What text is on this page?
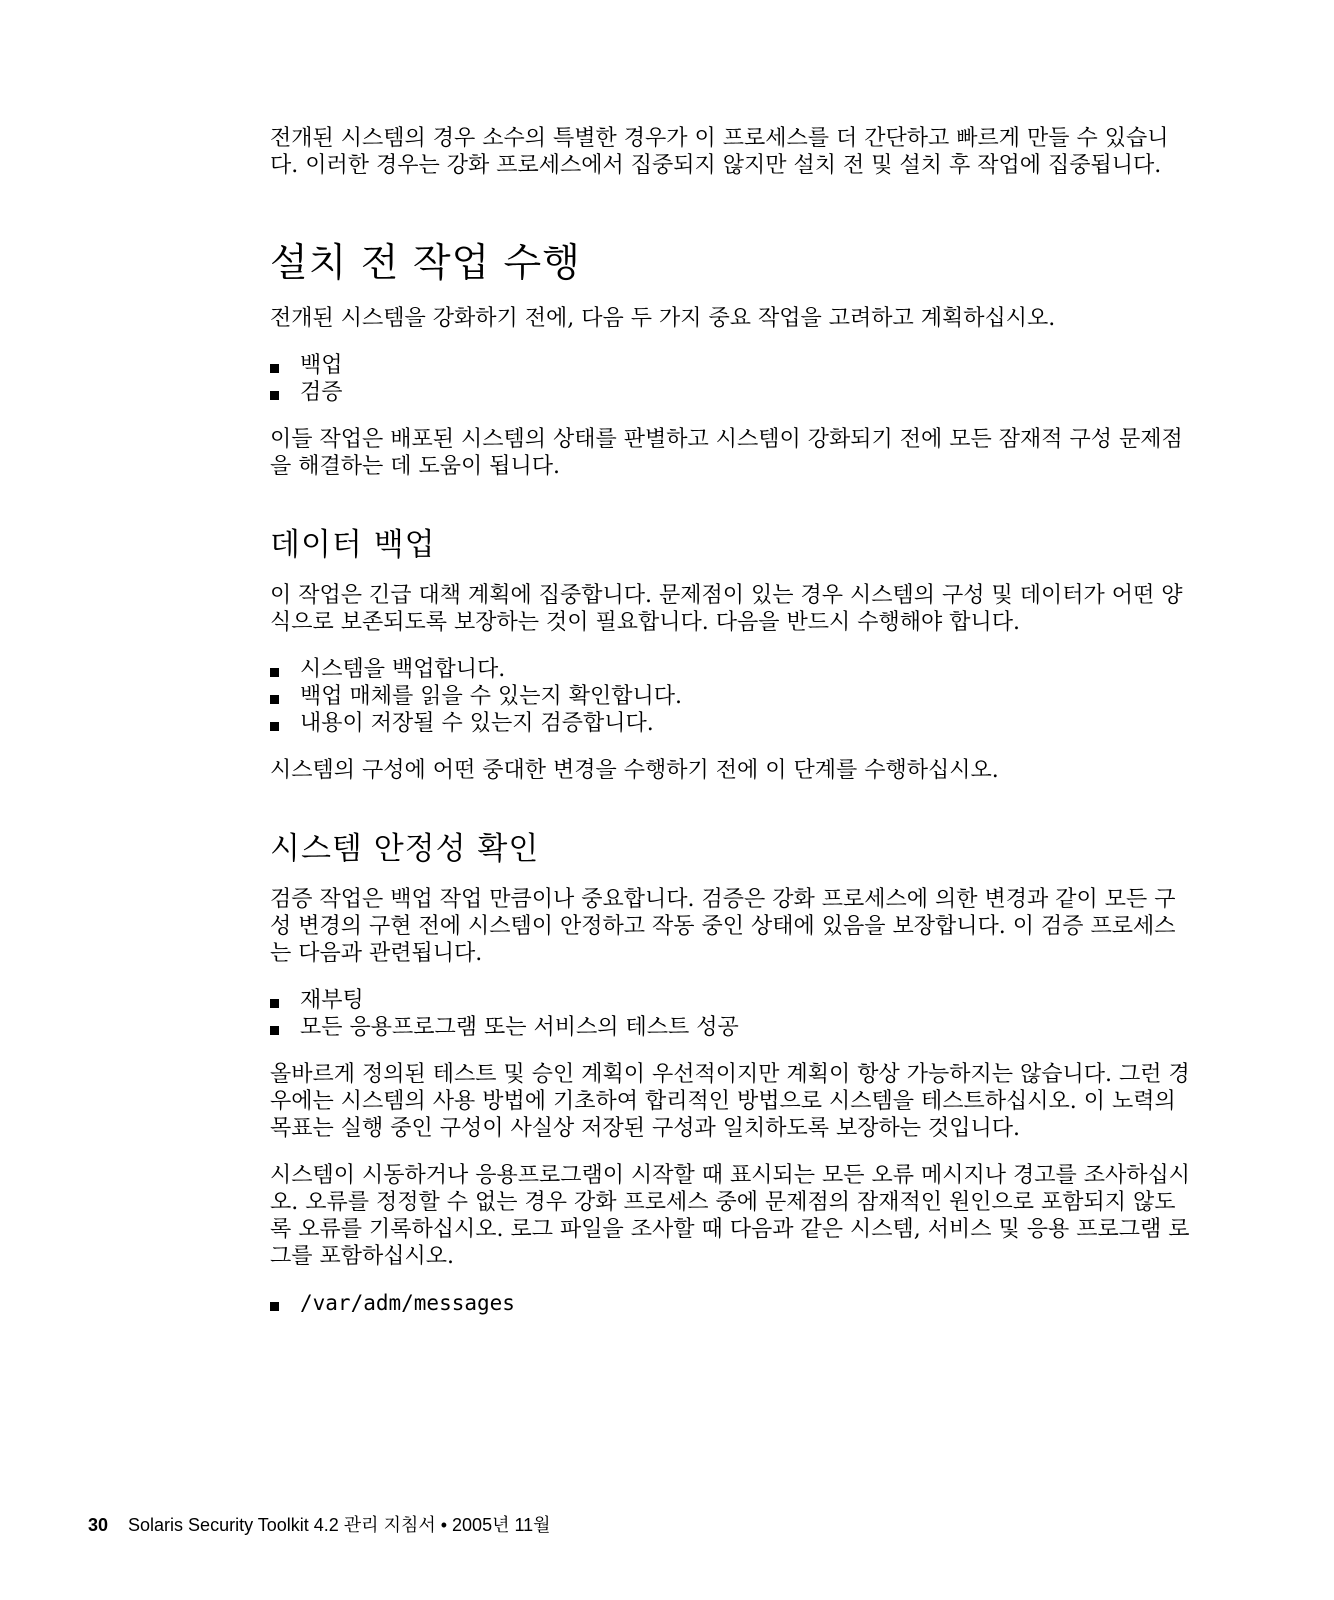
전개된 시스템의 경우 소수의 특별한 경우가 이 프로세스를 더 간단하고 빠르게 만들 수 있습니다. 이러한 경우는 강화 프로세스에서 집중되지 않지만 설치 전 및 설치 후 작업에 집중됩니다.

설치 전 작업 수행

전개된 시스템을 강화하기 전에, 다음 두 가지 중요 작업을 고려하고 계획하십시오.

백업
검증

이들 작업은 배포된 시스템의 상태를 판별하고 시스템이 강화되기 전에 모든 잠재적 구성 문제점을 해결하는 데 도움이 됩니다.

데이터 백업

이 작업은 긴급 대책 계획에 집중합니다. 문제점이 있는 경우 시스템의 구성 및 데이터가 어떤 양식으로 보존되도록 보장하는 것이 필요합니다. 다음을 반드시 수행해야 합니다.

시스템을 백업합니다.
백업 매체를 읽을 수 있는지 확인합니다.
내용이 저장될 수 있는지 검증합니다.

시스템의 구성에 어떤 중대한 변경을 수행하기 전에 이 단계를 수행하십시오.

시스템 안정성 확인

검증 작업은 백업 작업 만큼이나 중요합니다. 검증은 강화 프로세스에 의한 변경과 같이 모든 구성 변경의 구현 전에 시스템이 안정하고 작동 중인 상태에 있음을 보장합니다. 이 검증 프로세스는 다음과 관련됩니다.

재부팅
모든 응용프로그램 또는 서비스의 테스트 성공

올바르게 정의된 테스트 및 승인 계획이 우선적이지만 계획이 항상 가능하지는 않습니다. 그런 경우에는 시스템의 사용 방법에 기초하여 합리적인 방법으로 시스템을 테스트하십시오. 이 노력의 목표는 실행 중인 구성이 사실상 저장된 구성과 일치하도록 보장하는 것입니다.

시스템이 시동하거나 응용프로그램이 시작할 때 표시되는 모든 오류 메시지나 경고를 조사하십시오. 오류를 정정할 수 없는 경우 강화 프로세스 중에 문제점의 잠재적인 원인으로 포함되지 않도록 오류를 기록하십시오. 로그 파일을 조사할 때 다음과 같은 시스템, 서비스 및 응용 프로그램 로그를 포함하십시오.

/var/adm/messages
30 Solaris Security Toolkit 4.2 관리 지침서 • 2005년 11월
